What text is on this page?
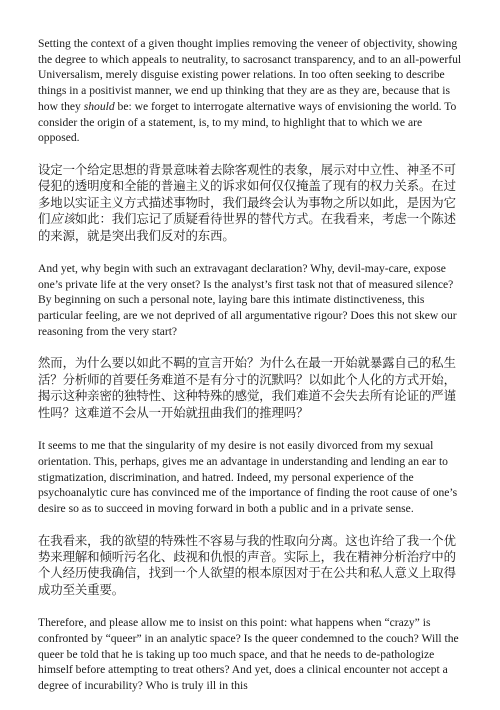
Setting the context of a given thought implies removing the veneer of objectivity, showing the degree to which appeals to neutrality, to sacrosanct transparency, and to an all-powerful Universalism, merely disguise existing power relations. In too often seeking to describe things in a positivist manner, we end up thinking that they are as they are, because that is how they should be: we forget to interrogate alternative ways of envisioning the world. To consider the origin of a statement, is, to my mind, to highlight that to which we are opposed.

设定一个给定思想的背景意味着去除客观性的表象，展示对中立性、神圣不可侵犯的透明度和全能的普遍主义的诉求如何仅仅掩盖了现有的权力关系。在过多地以实证主义方式描述事物时，我们最终会认为事物之所以如此，是因为它们应该如此：我们忘记了质疑看待世界的替代方式。在我看来，考虑一个陈述的来源，就是突出我们反对的东西。

And yet, why begin with such an extravagant declaration? Why, devil-may-care, expose one’s private life at the very onset? Is the analyst’s first task not that of measured silence? By beginning on such a personal note, laying bare this intimate distinctiveness, this particular feeling, are we not deprived of all argumentative rigour? Does this not skew our reasoning from the very start?

然而，为什么要以如此不羁的宣言开始？为什么在最一开始就暴露自己的私生活？分析师的首要任务难道不是有分寸的沉默吗？以如此个人化的方式开始，揭示这种亲密的独特性、这种特殊的感觉，我们难道不会失去所有论证的严谨性吗？这难道不会从一开始就扭曲我们的推理吗？

It seems to me that the singularity of my desire is not easily divorced from my sexual orientation. This, perhaps, gives me an advantage in understanding and lending an ear to stigmatization, discrimination, and hatred. Indeed, my personal experience of the psychoanalytic cure has convinced me of the importance of finding the root cause of one’s desire so as to succeed in moving forward in both a public and in a private sense.

在我看来，我的欲望的特殊性不容易与我的性取向分离。这也许给了我一个优势来理解和倾听污名化、歧视和仇恨的声音。实际上，我在精神分析治疗中的个人经历使我确信，找到一个人欲望的根本原因对于在公共和私人意义上取得成功至关重要。

Therefore, and please allow me to insist on this point: what happens when “crazy” is confronted by “queer” in an analytic space? Is the queer condemned to the couch? Will the queer be told that he is taking up too much space, and that he needs to de-pathologize himself before attempting to treat others? And yet, does a clinical encounter not accept a degree of incurability? Who is truly ill in this
